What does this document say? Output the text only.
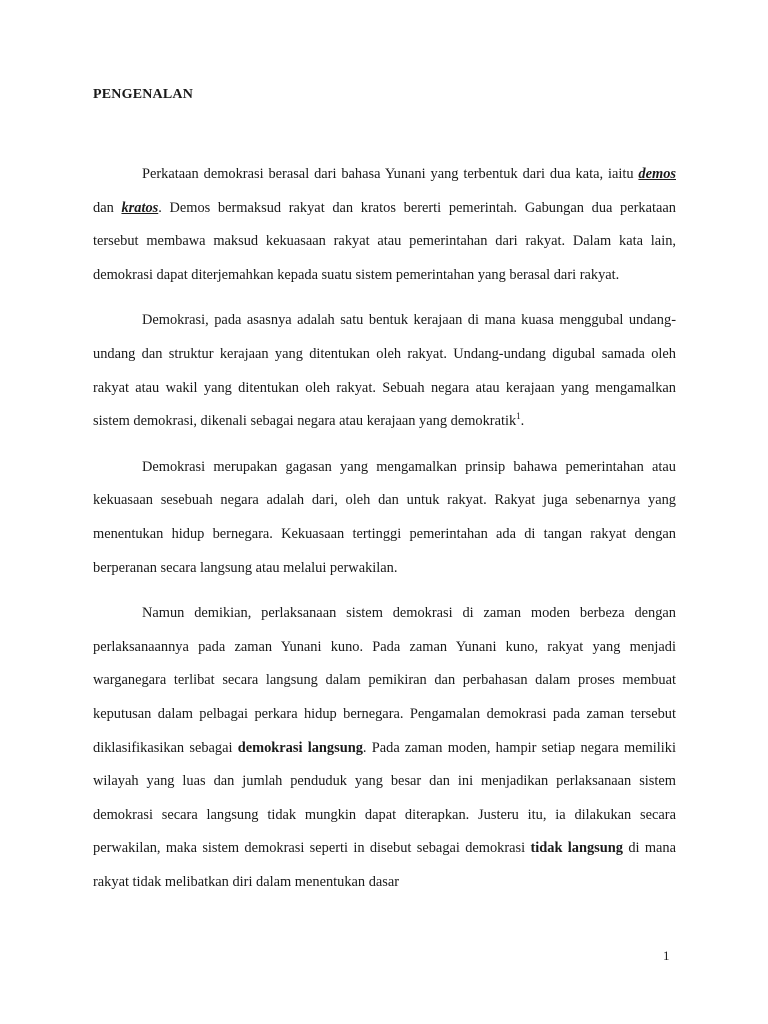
PENGENALAN

Perkataan demokrasi berasal dari bahasa Yunani yang terbentuk dari dua kata, iaitu demos dan kratos. Demos bermaksud rakyat dan kratos bererti pemerintah. Gabungan dua perkataan tersebut membawa maksud kekuasaan rakyat atau pemerintahan dari rakyat. Dalam kata lain, demokrasi dapat diterjemahkan kepada suatu sistem pemerintahan yang berasal dari rakyat.

Demokrasi, pada asasnya adalah satu bentuk kerajaan di mana kuasa menggubal undang-undang dan struktur kerajaan yang ditentukan oleh rakyat. Undang-undang digubal samada oleh rakyat atau wakil yang ditentukan oleh rakyat. Sebuah negara atau kerajaan yang mengamalkan sistem demokrasi, dikenali sebagai negara atau kerajaan yang demokratik$^1$.

Demokrasi merupakan gagasan yang mengamalkan prinsip bahawa pemerintahan atau kekuasaan sesebuah negara adalah dari, oleh dan untuk rakyat. Rakyat juga sebenarnya yang menentukan hidup bernegara. Kekuasaan tertinggi pemerintahan ada di tangan rakyat dengan berperanan secara langsung atau melalui perwakilan.

Namun demikian, perlaksanaan sistem demokrasi di zaman moden berbeza dengan perlaksanaannya pada zaman Yunani kuno. Pada zaman Yunani kuno, rakyat yang menjadi warganegara terlibat secara langsung dalam pemikiran dan perbahasan dalam proses membuat keputusan dalam pelbagai perkara hidup bernegara. Pengamalan demokrasi pada zaman tersebut diklasifikasikan sebagai demokrasi langsung. Pada zaman moden, hampir setiap negara memiliki wilayah yang luas dan jumlah penduduk yang besar dan ini menjadikan perlaksanaan sistem demokrasi secara langsung tidak mungkin dapat diterapkan. Justeru itu, ia dilakukan secara perwakilan, maka sistem demokrasi seperti in disebut sebagai demokrasi tidak langsung di mana rakyat tidak melibatkan diri dalam menentukan dasar

1
